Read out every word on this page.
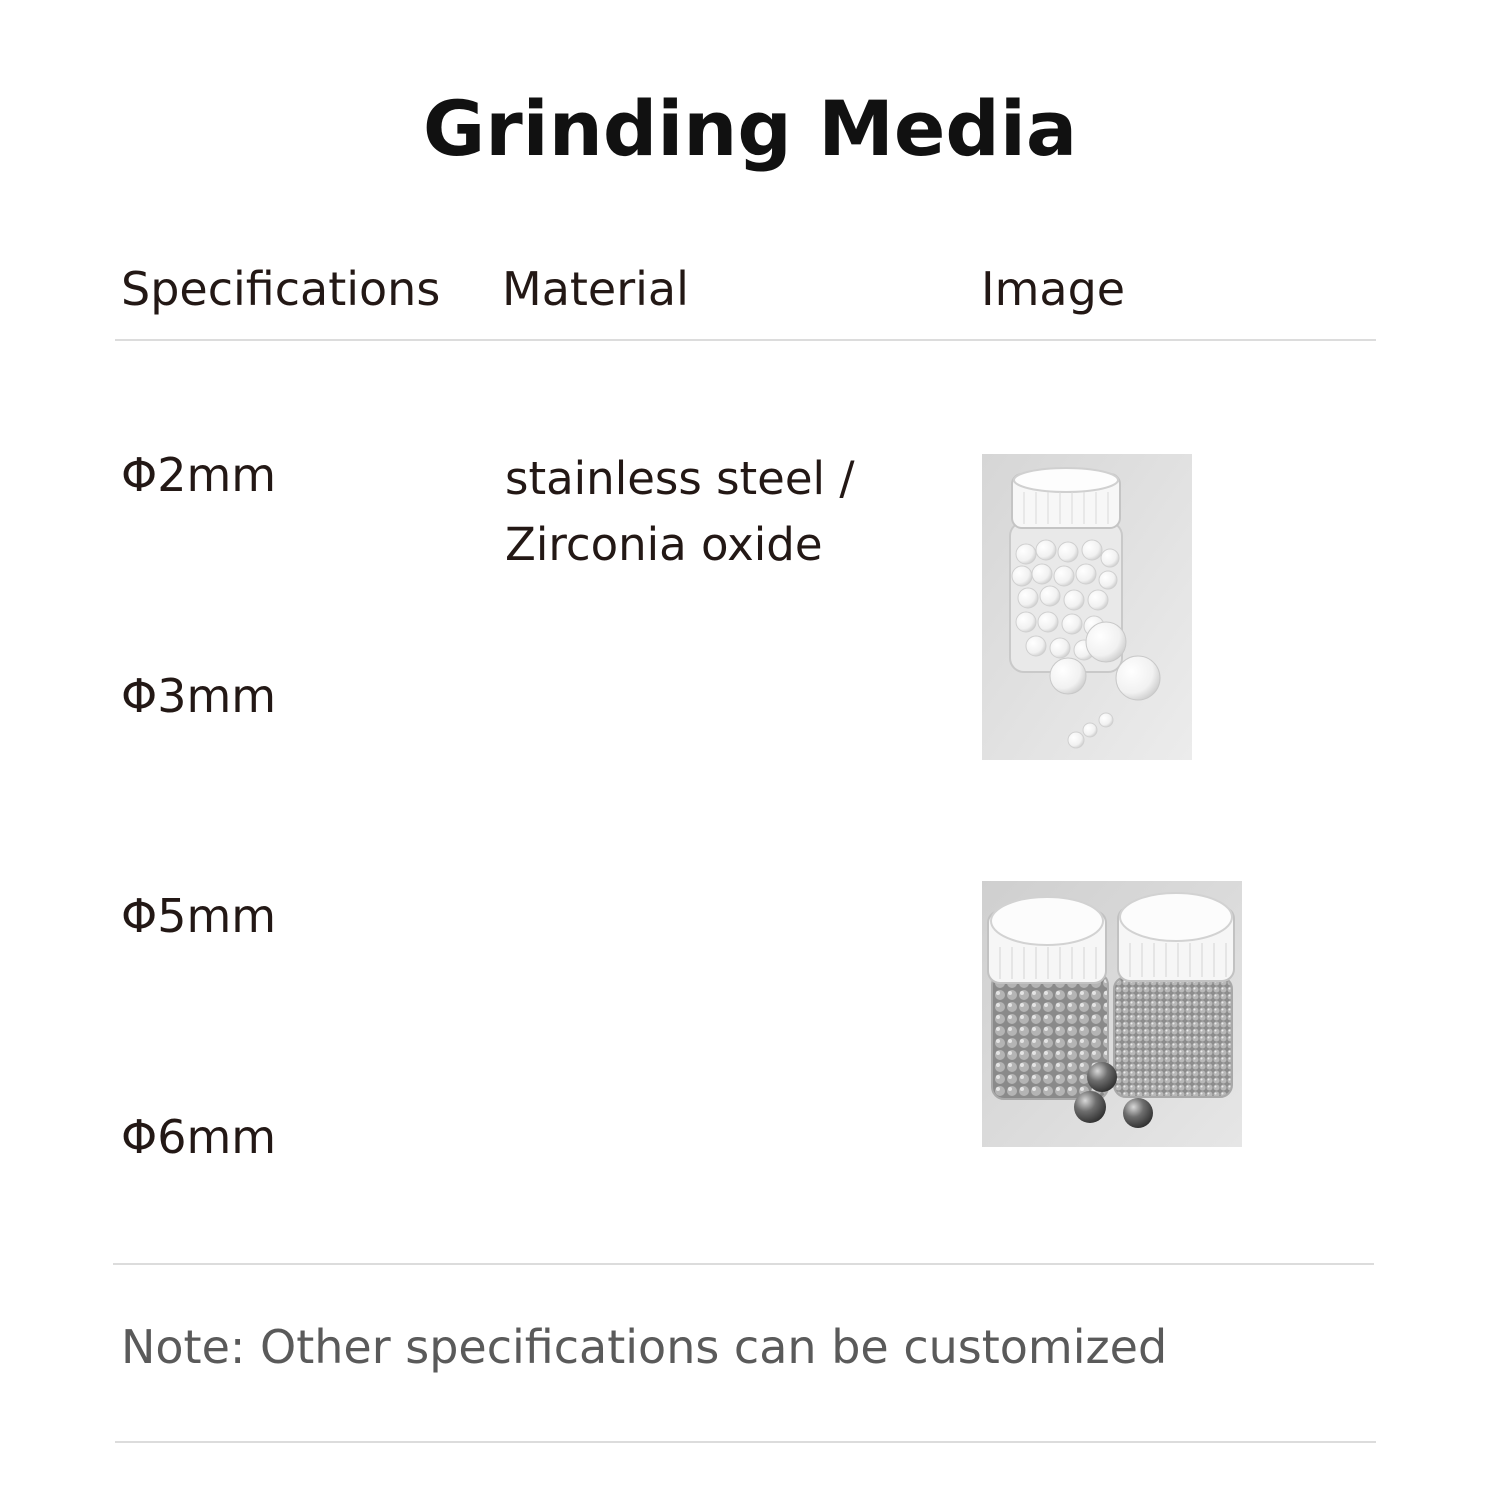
Grinding Media
Specifications Material	Image
Φ2mm
Φ3mm
Φ5mm
Φ6mm
stainless steel /
Zirconia oxide
Note: Other specifications can be customized
